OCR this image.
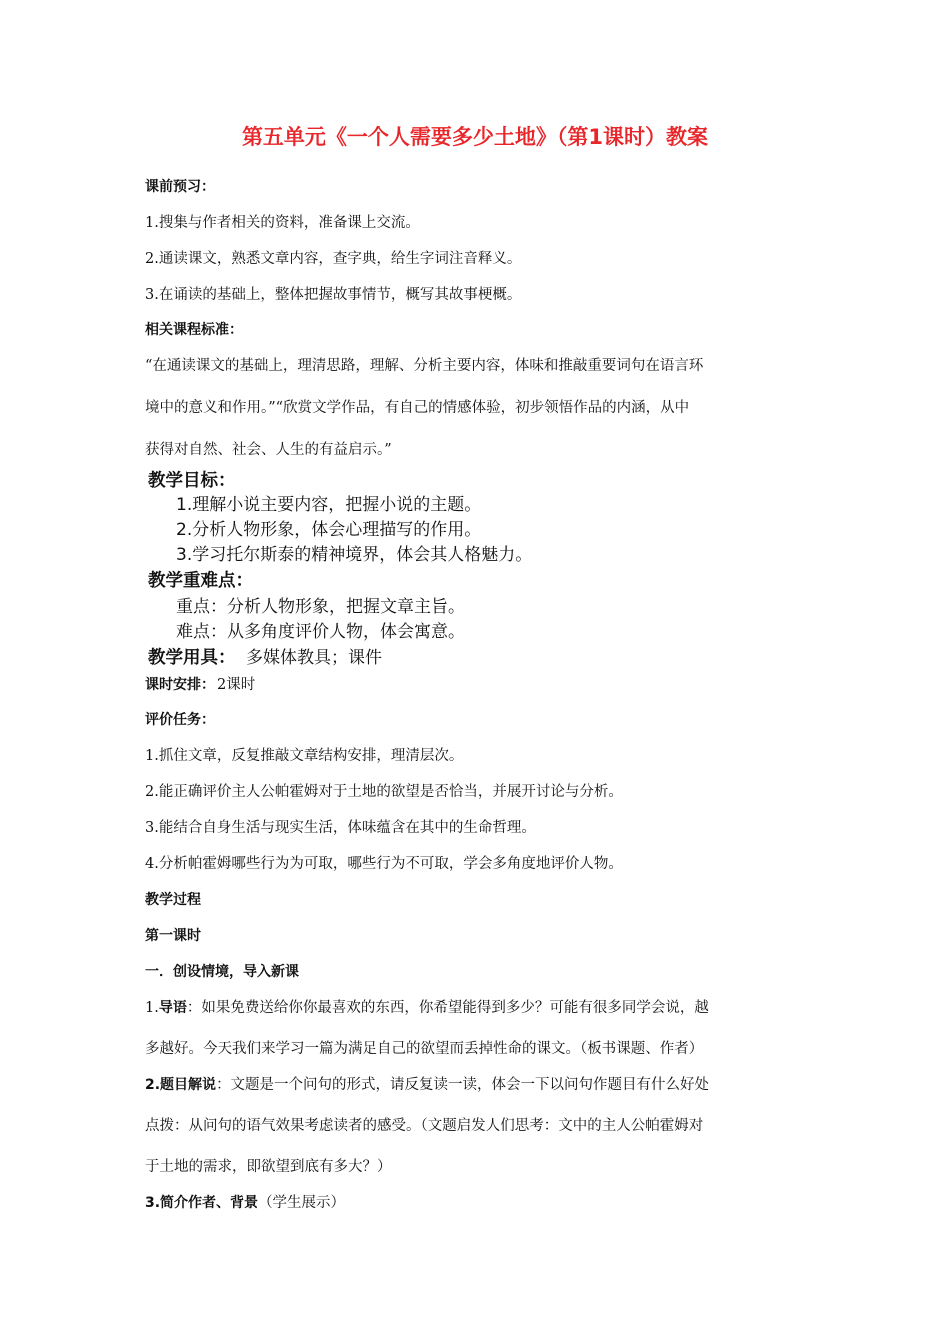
第五单元《一个人需要多少土地》（第1课时）教案
课前预习：
1.搜集与作者相关的资料，准备课上交流。
2.通读课文，熟悉文章内容，查字典，给生字词注音释义。
3.在诵读的基础上，整体把握故事情节，概写其故事梗概。
相关课程标准：
“在通读课文的基础上，理清思路，理解、分析主要内容，体味和推敲重要词句在语言环
境中的意义和作用。”“欣赏文学作品，有自己的情感体验，初步领悟作品的内涵，从中
获得对自然、社会、人生的有益启示。”
教学目标：
1.理解小说主要内容，把握小说的主题。
2.分析人物形象，体会心理描写的作用。
3.学习托尔斯泰的精神境界，体会其人格魅力。
教学重难点：
重点：分析人物形象，把握文章主旨。
难点：从多角度评价人物，体会寓意。
教学用具： 多媒体教具；课件
课时安排： 2课时
评价任务：
1.抓住文章，反复推敲文章结构安排，理清层次。
2.能正确评价主人公帕霍姆对于土地的欲望是否恰当，并展开讨论与分析。
3.能结合自身生活与现实生活，体味蕴含在其中的生命哲理。
4.分析帕霍姆哪些行为为可取，哪些行为不可取，学会多角度地评价人物。
教学过程
第一课时
一．创设情境，导入新课
1.导语：如果免费送给你你最喜欢的东西，你希望能得到多少？可能有很多同学会说，越
多越好。今天我们来学习一篇为满足自己的欲望而丢掉性命的课文。（板书课题、作者）
2.题目解说：文题是一个问句的形式，请反复读一读，体会一下以问句作题目有什么好处
点拨：从问句的语气效果考虑读者的感受。（文题启发人们思考：文中的主人公帕霍姆对
于土地的需求，即欲望到底有多大？）
3.简介作者、背景（学生展示）
